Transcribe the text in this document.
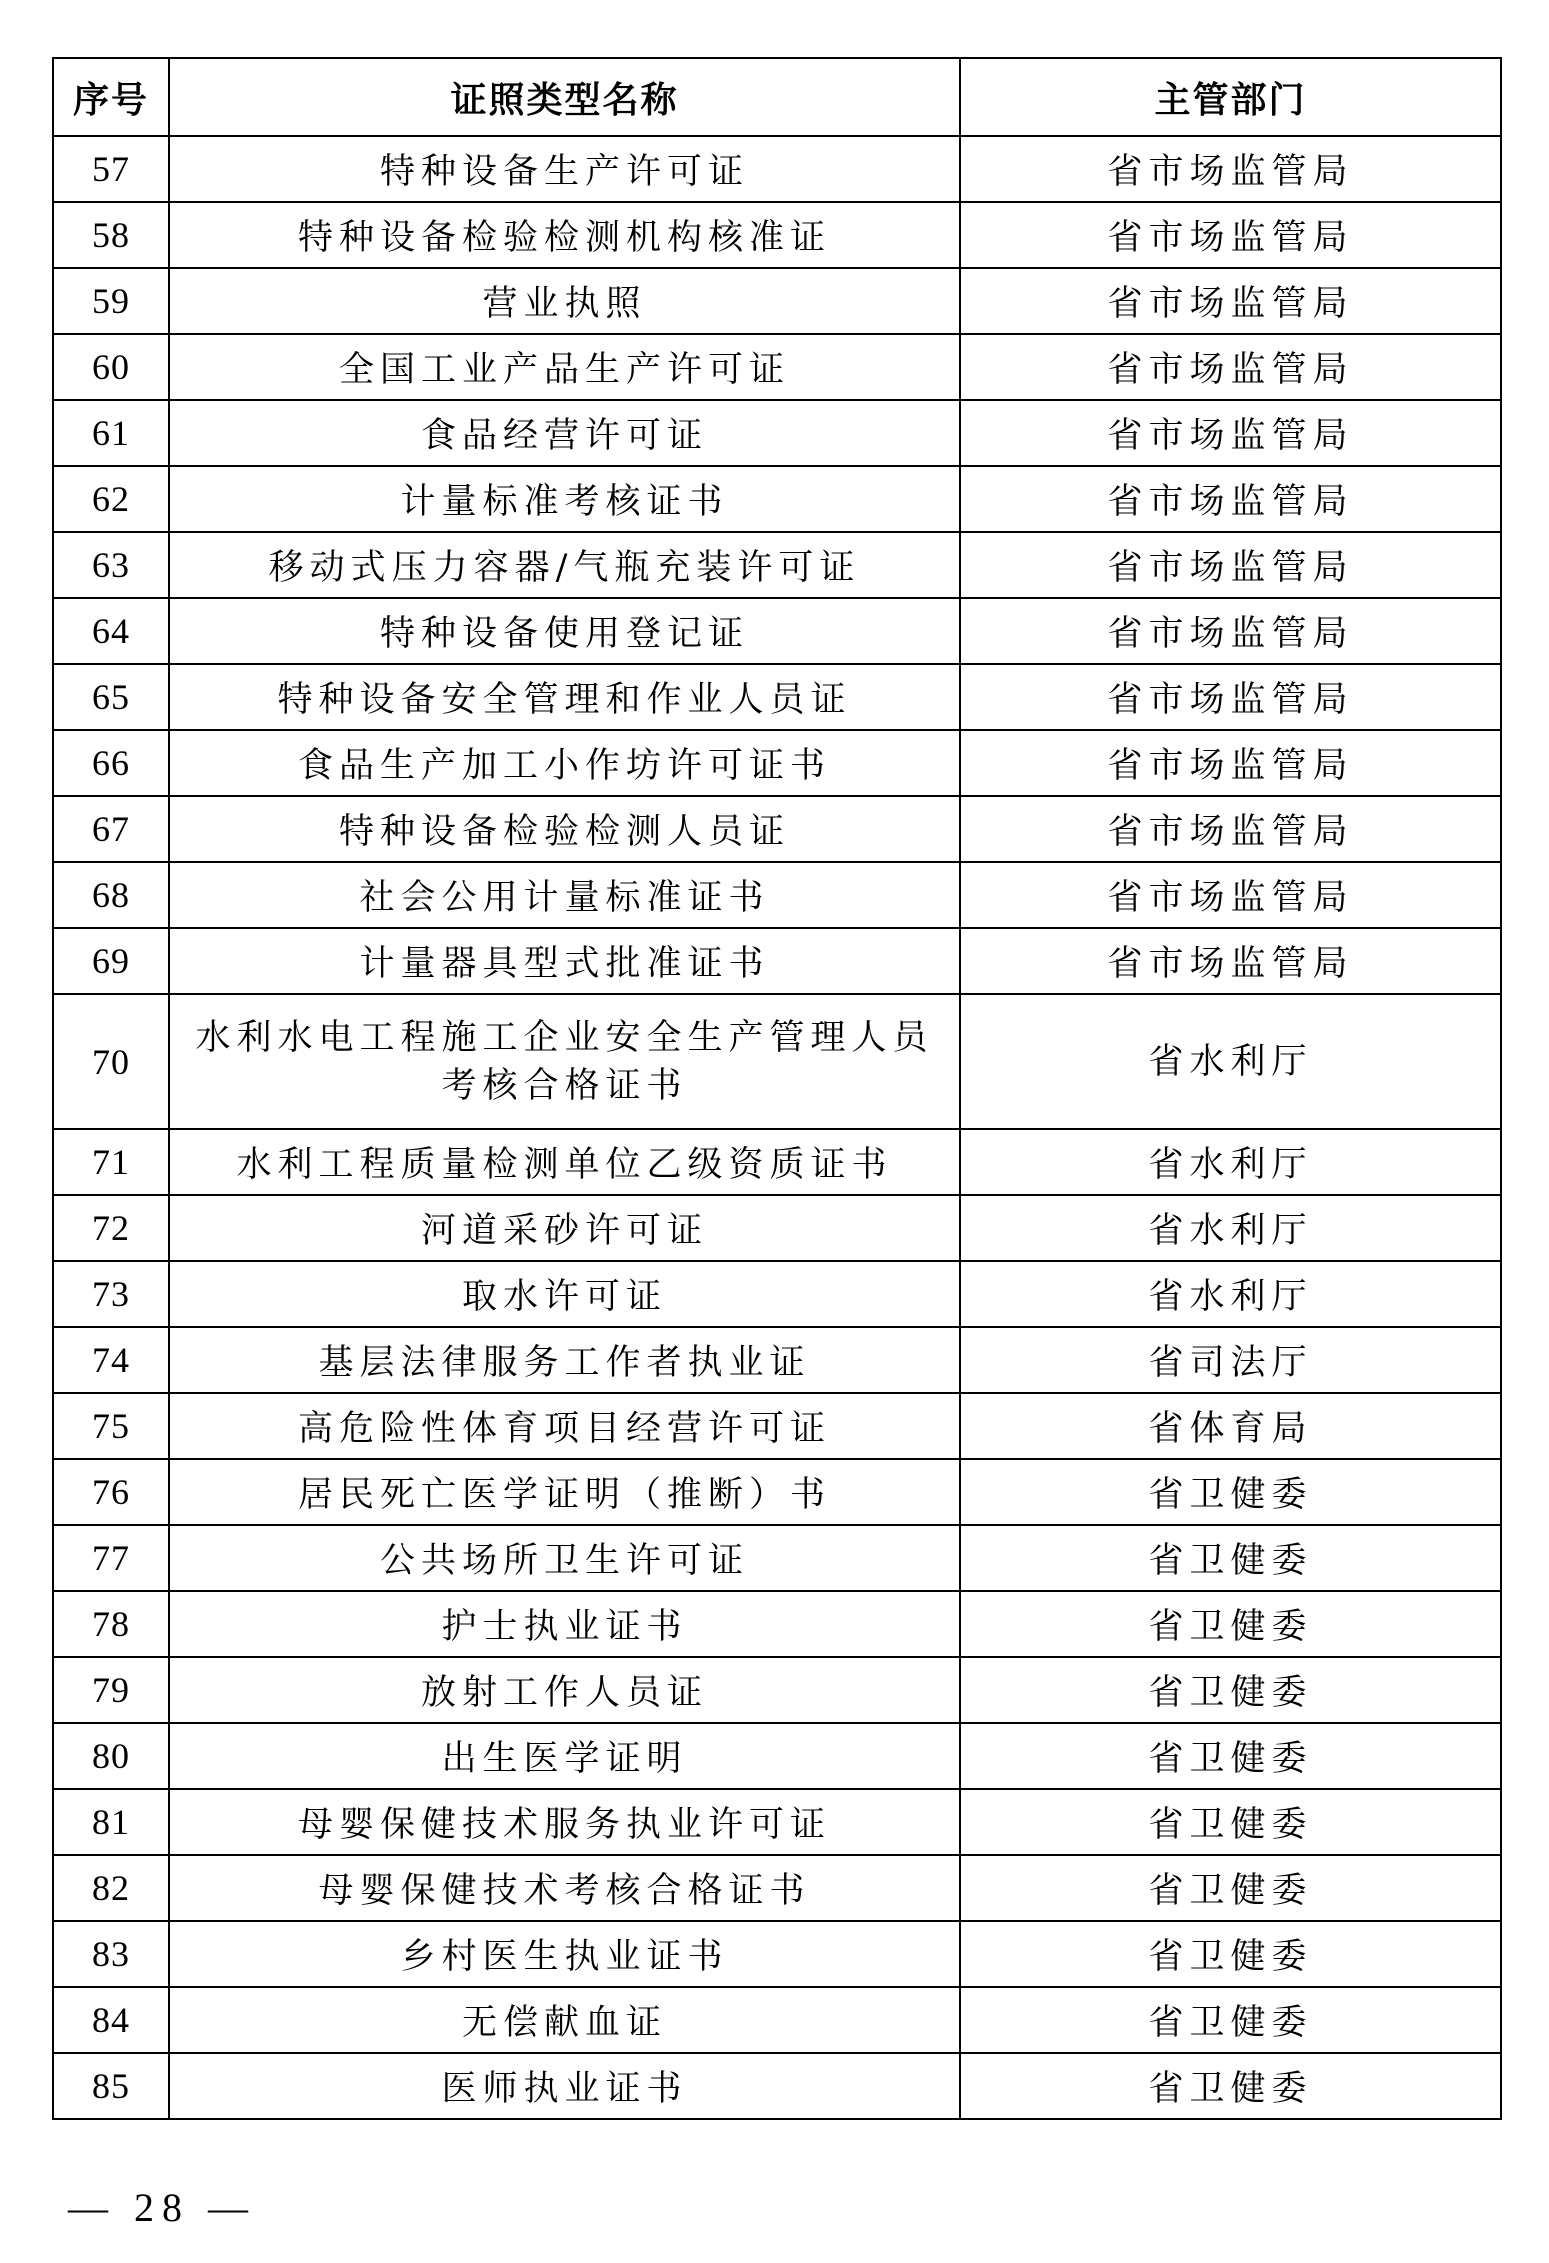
序号	证照类型名称	主管部门
57	特种设备生产许可证	省市场监管局
58	特种设备检验检测机构核准证	省市场监管局
59	营业执照	省市场监管局
60	全国工业产品生产许可证	省市场监管局
61	食品经营许可证	省市场监管局
62	计量标准考核证书	省市场监管局
63	移动式压力容器/气瓶充装许可证	省市场监管局
64	特种设备使用登记证	省市场监管局
65	特种设备安全管理和作业人员证	省市场监管局
66	食品生产加工小作坊许可证书	省市场监管局
67	特种设备检验检测人员证	省市场监管局
68	社会公用计量标准证书	省市场监管局
69	计量器具型式批准证书	省市场监管局
70	水利水电工程施工企业安全生产管理人员
考核合格证书	省水利厅
71	水利工程质量检测单位乙级资质证书	省水利厅
72	河道采砂许可证	省水利厅
73	取水许可证	省水利厅
74	基层法律服务工作者执业证	省司法厅
75	高危险性体育项目经营许可证	省体育局
76	居民死亡医学证明（推断）书	省卫健委
77	公共场所卫生许可证	省卫健委
78	护士执业证书	省卫健委
79	放射工作人员证	省卫健委
80	出生医学证明	省卫健委
81	母婴保健技术服务执业许可证	省卫健委
82	母婴保健技术考核合格证书	省卫健委
83	乡村医生执业证书	省卫健委
84	无偿献血证	省卫健委
85	医师执业证书	省卫健委
— 28 —
